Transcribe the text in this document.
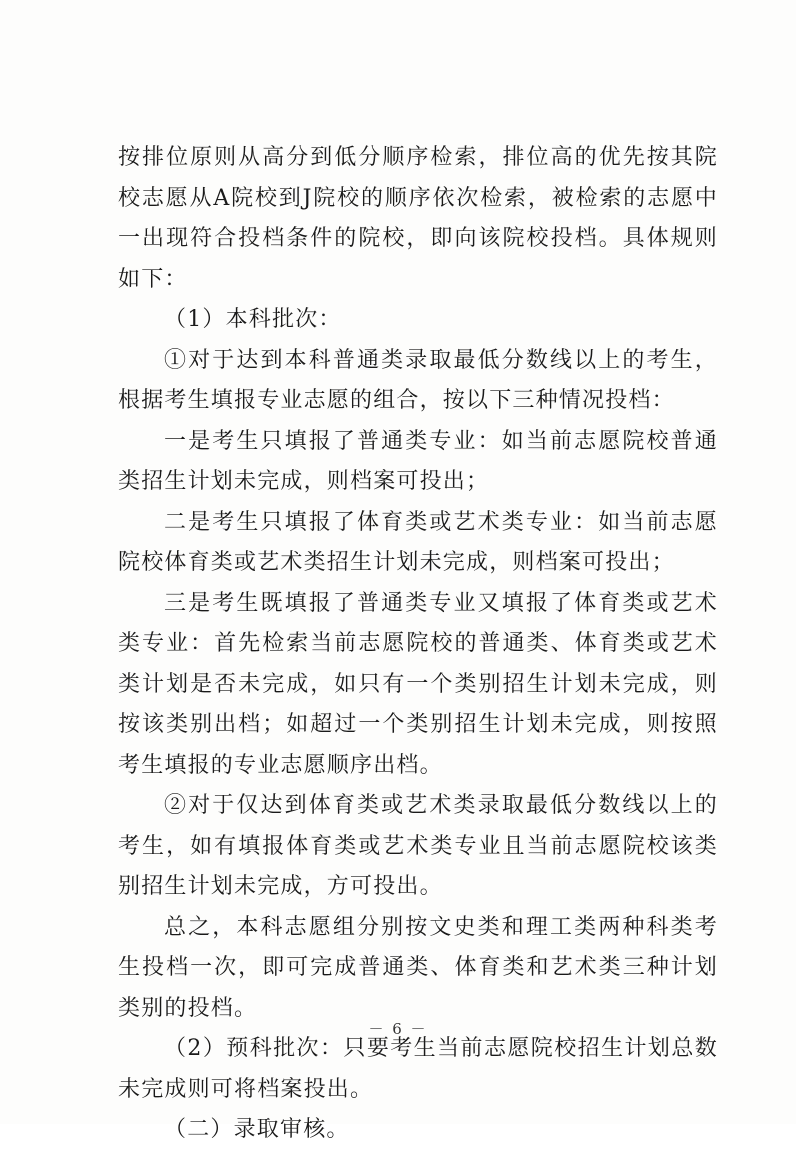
按排位原则从高分到低分顺序检索，排位高的优先按其院校志愿从A院校到J院校的顺序依次检索，被检索的志愿中一出现符合投档条件的院校，即向该院校投档。具体规则如下：

（1）本科批次：

①对于达到本科普通类录取最低分数线以上的考生，根据考生填报专业志愿的组合，按以下三种情况投档：

一是考生只填报了普通类专业：如当前志愿院校普通类招生计划未完成，则档案可投出；

二是考生只填报了体育类或艺术类专业：如当前志愿院校体育类或艺术类招生计划未完成，则档案可投出；

三是考生既填报了普通类专业又填报了体育类或艺术类专业：首先检索当前志愿院校的普通类、体育类或艺术类计划是否未完成，如只有一个类别招生计划未完成，则按该类别出档；如超过一个类别招生计划未完成，则按照考生填报的专业志愿顺序出档。

②对于仅达到体育类或艺术类录取最低分数线以上的考生，如有填报体育类或艺术类专业且当前志愿院校该类别招生计划未完成，方可投出。

总之，本科志愿组分别按文史类和理工类两种科类考生投档一次，即可完成普通类、体育类和艺术类三种计划类别的投档。

（2）预科批次：只要考生当前志愿院校招生计划总数未完成则可将档案投出。

（二）录取审核。

－ 6 －
